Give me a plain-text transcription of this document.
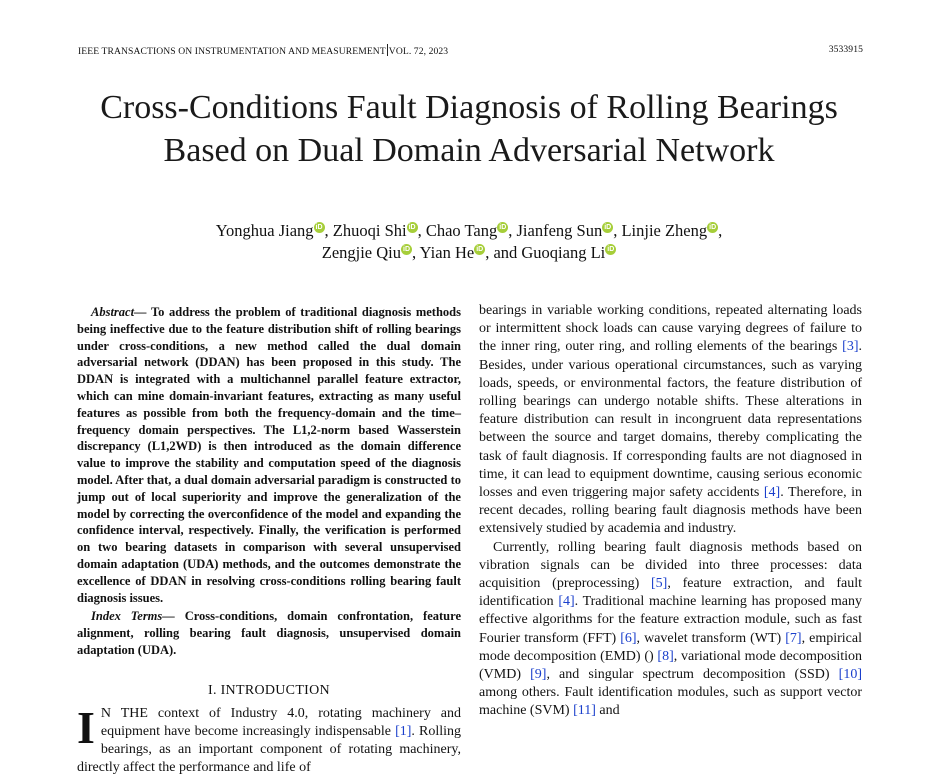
IEEE TRANSACTIONS ON INSTRUMENTATION AND MEASUREMENT VOL. 72, 2023	3533915
Cross-Conditions Fault Diagnosis of Rolling Bearings Based on Dual Domain Adversarial Network
Yonghua Jiang iD , Zhuoqi Shi iD , Chao Tang iD , Jianfeng Sun iD , Linjie Zheng iD ,
Zengjie Qiu iD , Yian He iD , and Guoqiang Li iD

Abstract— To address the problem of traditional diagnosis methods being ineffective due to the feature distribution shift of rolling bearings under cross-conditions, a new method called the dual domain adversarial network (DDAN) has been proposed in this study. The DDAN is integrated with a multichannel parallel feature extractor, which can mine domain-invariant features, extracting as many useful features as possible from both the frequency-domain and the time–frequency domain perspectives. The L1,2-norm based Wasserstein discrepancy (L1,2WD) is then introduced as the domain difference value to improve the stability and computation speed of the diagnosis model. After that, a dual domain adversarial paradigm is constructed to jump out of local superiority and improve the generalization of the model by correcting the overconfidence of the model and expanding the confidence interval, respectively. Finally, the verification is performed on two bearing datasets in comparison with several unsupervised domain adaptation (UDA) methods, and the outcomes demonstrate the excellence of DDAN in resolving cross-conditions rolling bearing fault diagnosis issues.

Index Terms— Cross-conditions, domain confrontation, feature alignment, rolling bearing fault diagnosis, unsupervised domain adaptation (UDA).

I. INTRODUCTION

I N THE context of Industry 4.0, rotating machinery and equipment have become increasingly indispensable [1]. Rolling bearings, as an important component of rotating machinery, directly affect the performance and life of

bearings in variable working conditions, repeated alternating loads or intermittent shock loads can cause varying degrees of failure to the inner ring, outer ring, and rolling elements of the bearings [3]. Besides, under various operational circumstances, such as varying loads, speeds, or environmental factors, the feature distribution of rolling bearings can undergo notable shifts. These alterations in feature distribution can result in incongruent data representations between the source and target domains, thereby complicating the task of fault diagnosis. If corresponding faults are not diagnosed in time, it can lead to equipment downtime, causing serious economic losses and even triggering major safety accidents [4]. Therefore, in recent decades, rolling bearing fault diagnosis methods have been extensively studied by academia and industry.

Currently, rolling bearing fault diagnosis methods based on vibration signals can be divided into three processes: data acquisition (preprocessing) [5], feature extraction, and fault identification [4]. Traditional machine learning has proposed many effective algorithms for the feature extraction module, such as fast Fourier transform (FFT) [6], wavelet transform (WT) [7], empirical mode decomposition (EMD) () [8], variational mode decomposition (VMD) [9], and singular spectrum decomposition (SSD) [10] among others. Fault identification modules, such as support vector machine (SVM) [11] and
